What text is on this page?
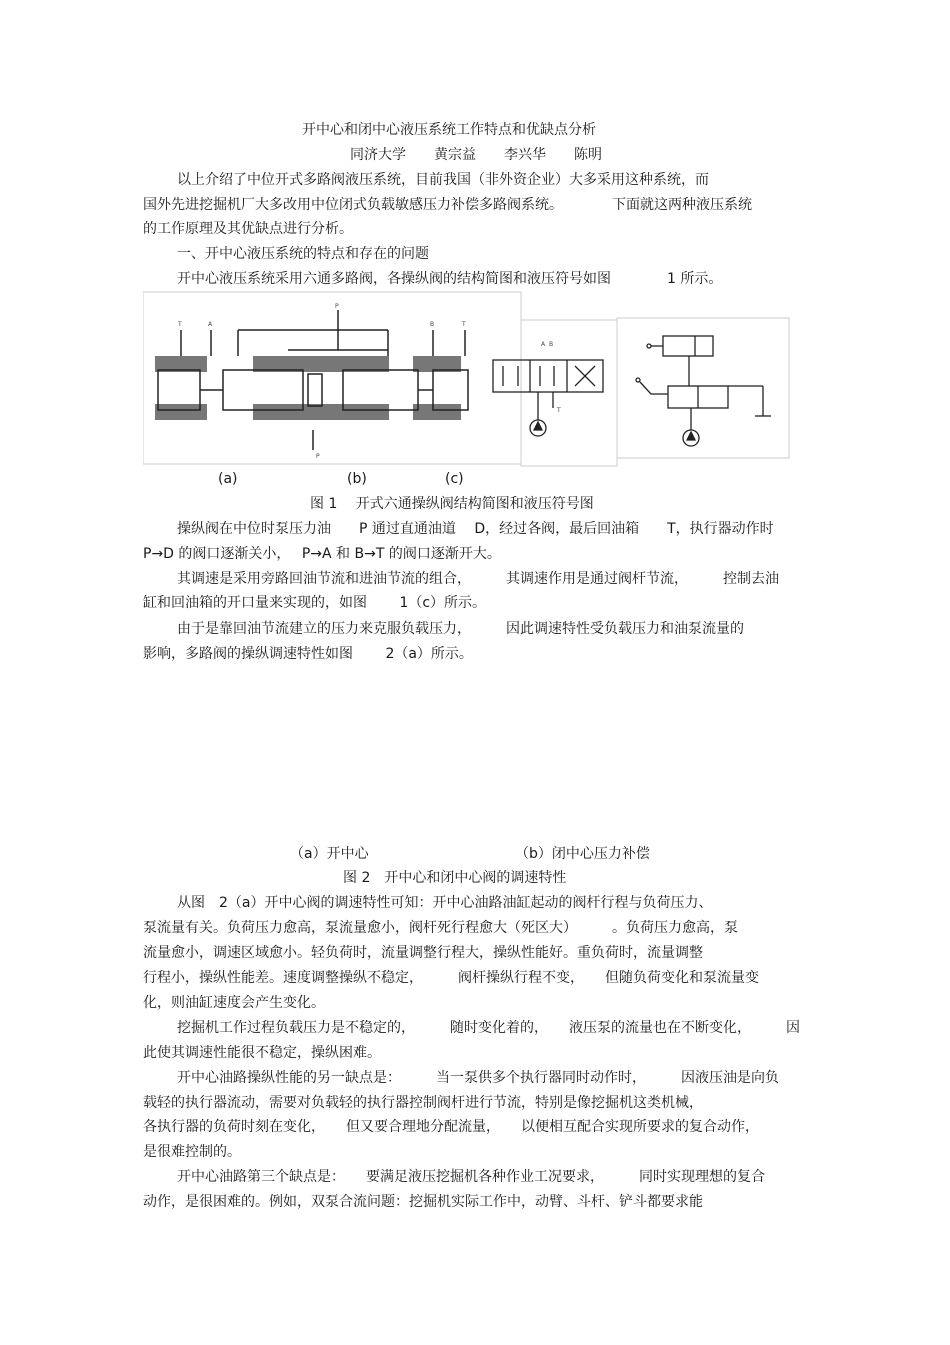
开中心和闭中心液压系统工作特点和优缺点分析
同济大学　　黄宗益　　李兴华　　陈明
以上介绍了中位开式多路阀液压系统，目前我国（非外资企业）大多采用这种系统，而
国外先进挖掘机厂大多改用中位闭式负载敏感压力补偿多路阀系统。　　　　下面就这两种液压系统
的工作原理及其优缺点进行分析。
一、开中心液压系统的特点和存在的问题
开中心液压系统采用六通多路阀，各操纵阀的结构简图和液压符号如图　　　　1 所示。
T	A
P
B	T
P
A B
T
(a)	(b)	(c)
图 1　 开式六通操纵阀结构简图和液压符号图
操纵阀在中位时泵压力油　　P 通过直通油道　 D，经过各阀，最后回油箱　　T，执行器动作时
P→D 的阀口逐渐关小，　 P→A 和 B→T 的阀口逐渐开大。
其调速是采用旁路回油节流和进油节流的组合，　　　其调速作用是通过阀杆节流，　　　控制去油
缸和回油箱的开口量来实现的，如图　　 1（c）所示。
由于是靠回油节流建立的压力来克服负载压力，　　　因此调速特性受负载压力和油泵流量的
影响，多路阀的操纵调速特性如图　　 2（a）所示。
（a）开中心	（b）闭中心压力补偿
图 2　开中心和闭中心阀的调速特性
从图　2（a）开中心阀的调速特性可知：开中心油路油缸起动的阀杆行程与负荷压力、
泵流量有关。负荷压力愈高，泵流量愈小，阀杆死行程愈大（死区大）　　　。负荷压力愈高，泵
流量愈小，调速区域愈小。轻负荷时，流量调整行程大，操纵性能好。重负荷时，流量调整
行程小，操纵性能差。速度调整操纵不稳定，　　　阀杆操纵行程不变，　　但随负荷变化和泵流量变
化，则油缸速度会产生变化。
挖掘机工作过程负载压力是不稳定的，　　　随时变化着的，　　液压泵的流量也在不断变化，　　　因
此使其调速性能很不稳定，操纵困难。
开中心油路操纵性能的另一缺点是：　　　当一泵供多个执行器同时动作时，　　　因液压油是向负
载轻的执行器流动，需要对负载轻的执行器控制阀杆进行节流，特别是像挖掘机这类机械，
各执行器的负荷时刻在变化，　　但又要合理地分配流量，　　以便相互配合实现所要求的复合动作，
是很难控制的。
开中心油路第三个缺点是：　　要满足液压挖掘机各种作业工况要求，　　　同时实现理想的复合
动作，是很困难的。例如，双泵合流问题：挖掘机实际工作中，动臂、斗杆、铲斗都要求能
